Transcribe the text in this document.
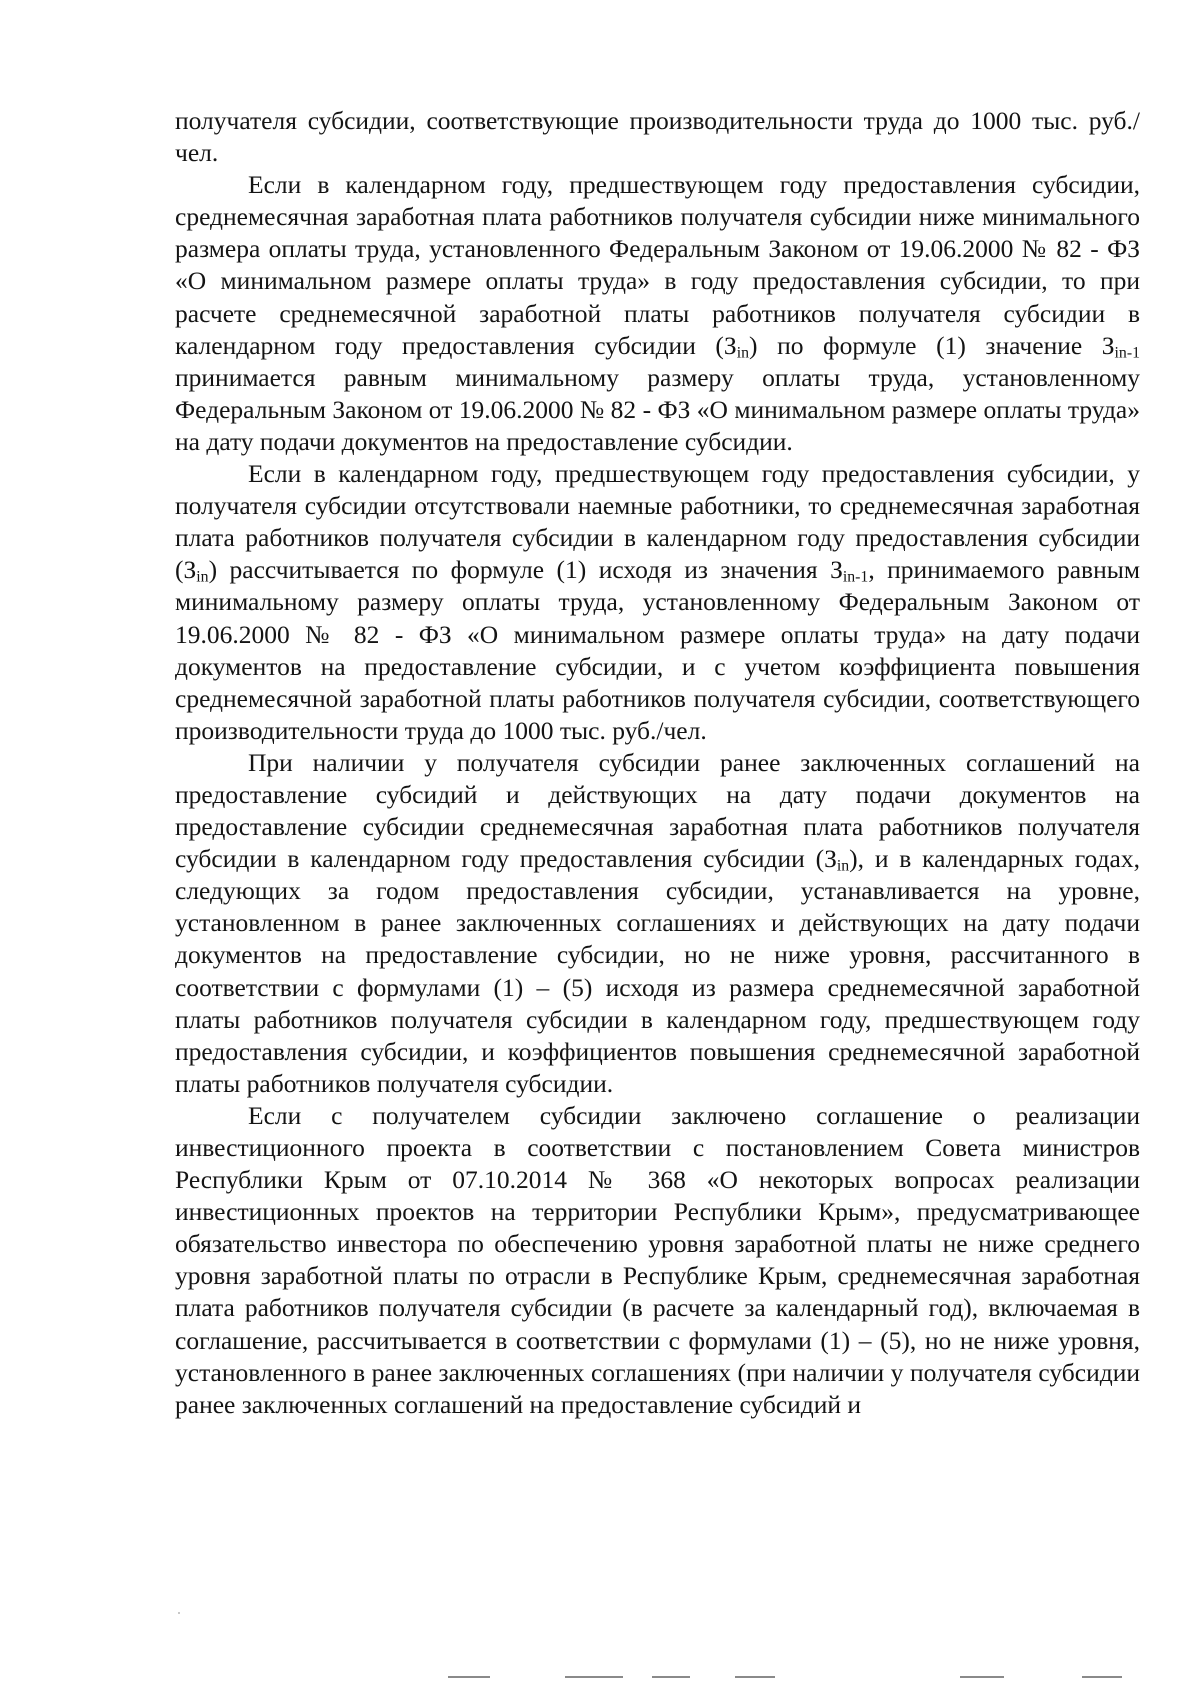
получателя субсидии, соответствующие производительности труда до 1000 тыс. руб./чел.

Если в календарном году, предшествующем году предоставления субсидии, среднемесячная заработная плата работников получателя субсидии ниже минимального размера оплаты труда, установленного Федеральным Законом от 19.06.2000 № 82 - ФЗ «О минимальном размере оплаты труда» в году предоставления субсидии, то при расчете среднемесячной заработной платы работников получателя субсидии в календарном году предоставления субсидии $(З_{in})$ по формуле (1) значение $З_{in-1}$ принимается равным минимальному размеру оплаты труда, установленному Федеральным Законом от 19.06.2000 № 82 - ФЗ «О минимальном размере оплаты труда» на дату подачи документов на предоставление субсидии.

Если в календарном году, предшествующем году предоставления субсидии, у получателя субсидии отсутствовали наемные работники, то среднемесячная заработная плата работников получателя субсидии в календарном году предоставления субсидии $(З_{in})$ рассчитывается по формуле (1) исходя из значения $З_{in-1}$, принимаемого равным минимальному размеру оплаты труда, установленному Федеральным Законом от 19.06.2000 № 82 - ФЗ «О минимальном размере оплаты труда» на дату подачи документов на предоставление субсидии, и с учетом коэффициента повышения среднемесячной заработной платы работников получателя субсидии, соответствующего производительности труда до 1000 тыс. руб./чел.

При наличии у получателя субсидии ранее заключенных соглашений на предоставление субсидий и действующих на дату подачи документов на предоставление субсидии среднемесячная заработная плата работников получателя субсидии в календарном году предоставления субсидии $(З_{in})$, и в календарных годах, следующих за годом предоставления субсидии, устанавливается на уровне, установленном в ранее заключенных соглашениях и действующих на дату подачи документов на предоставление субсидии, но не ниже уровня, рассчитанного в соответствии с формулами (1) – (5) исходя из размера среднемесячной заработной платы работников получателя субсидии в календарном году, предшествующем году предоставления субсидии, и коэффициентов повышения среднемесячной заработной платы работников получателя субсидии.

Если с получателем субсидии заключено соглашение о реализации инвестиционного проекта в соответствии с постановлением Совета министров Республики Крым от 07.10.2014 № 368 «О некоторых вопросах реализации инвестиционных проектов на территории Республики Крым», предусматривающее обязательство инвестора по обеспечению уровня заработной платы не ниже среднего уровня заработной платы по отрасли в Республике Крым, среднемесячная заработная плата работников получателя субсидии (в расчете за календарный год), включаемая в соглашение, рассчитывается в соответствии с формулами (1) – (5), но не ниже уровня, установленного в ранее заключенных соглашениях (при наличии у получателя субсидии ранее заключенных соглашений на предоставление субсидий и
